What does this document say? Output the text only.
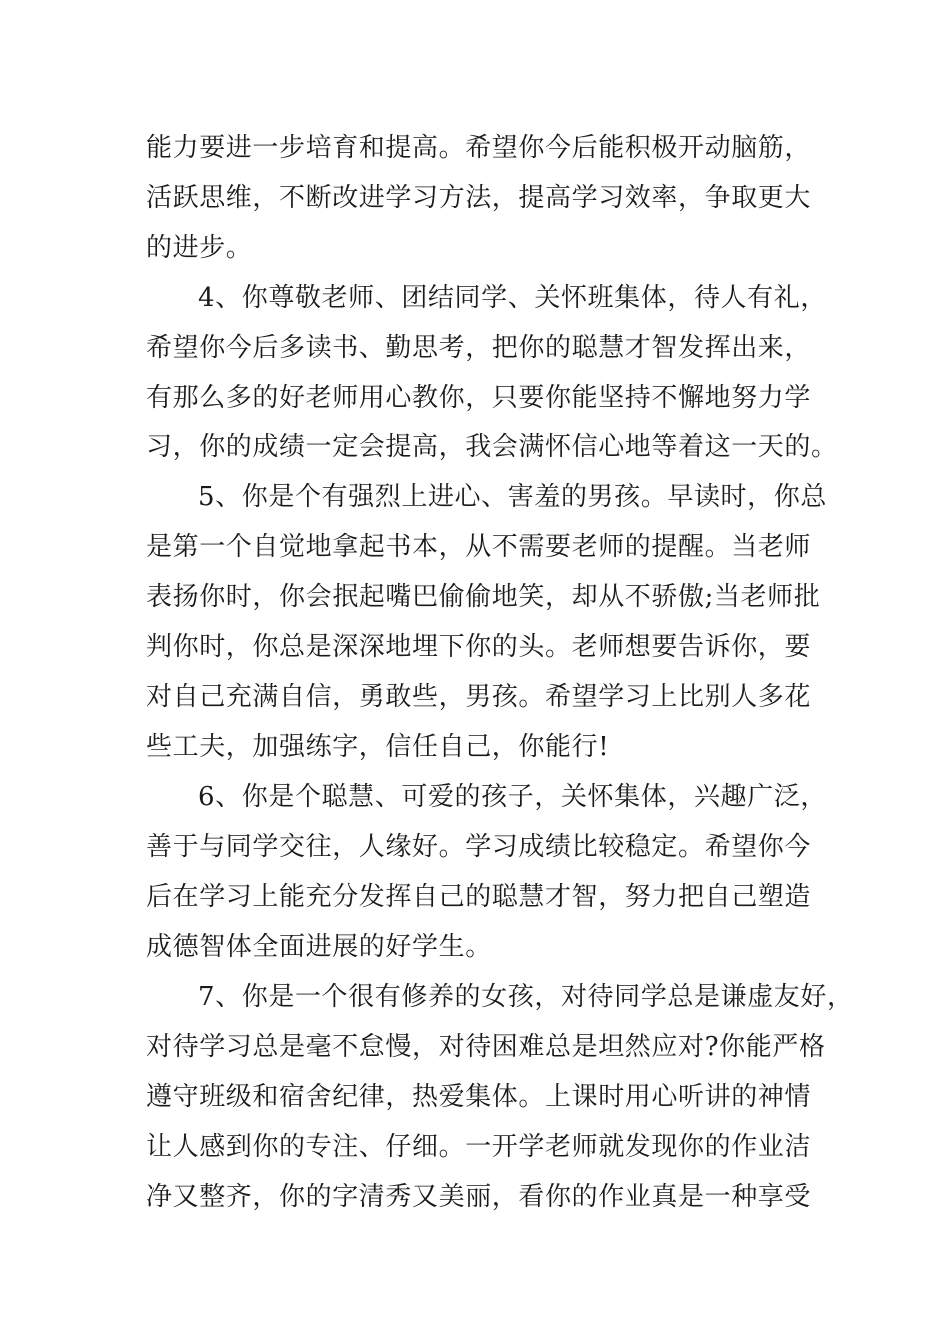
能力要进一步培育和提高。希望你今后能积极开动脑筋，
活跃思维，不断改进学习方法，提高学习效率，争取更大
的进步。
4、你尊敬老师、团结同学、关怀班集体，待人有礼，
希望你今后多读书、勤思考，把你的聪慧才智发挥出来，
有那么多的好老师用心教你，只要你能坚持不懈地努力学
习，你的成绩一定会提高，我会满怀信心地等着这一天的。
5、你是个有强烈上进心、害羞的男孩。早读时，你总
是第一个自觉地拿起书本，从不需要老师的提醒。当老师
表扬你时，你会抿起嘴巴偷偷地笑，却从不骄傲;当老师批
判你时，你总是深深地埋下你的头。老师想要告诉你，要
对自己充满自信，勇敢些，男孩。希望学习上比别人多花
些工夫，加强练字，信任自己，你能行!
6、你是个聪慧、可爱的孩子，关怀集体，兴趣广泛，
善于与同学交往，人缘好。学习成绩比较稳定。希望你今
后在学习上能充分发挥自己的聪慧才智，努力把自己塑造
成德智体全面进展的好学生。
7、你是一个很有修养的女孩，对待同学总是谦虚友好，
对待学习总是毫不怠慢，对待困难总是坦然应对?你能严格
遵守班级和宿舍纪律，热爱集体。上课时用心听讲的神情
让人感到你的专注、仔细。一开学老师就发现你的作业洁
净又整齐，你的字清秀又美丽，看你的作业真是一种享受
